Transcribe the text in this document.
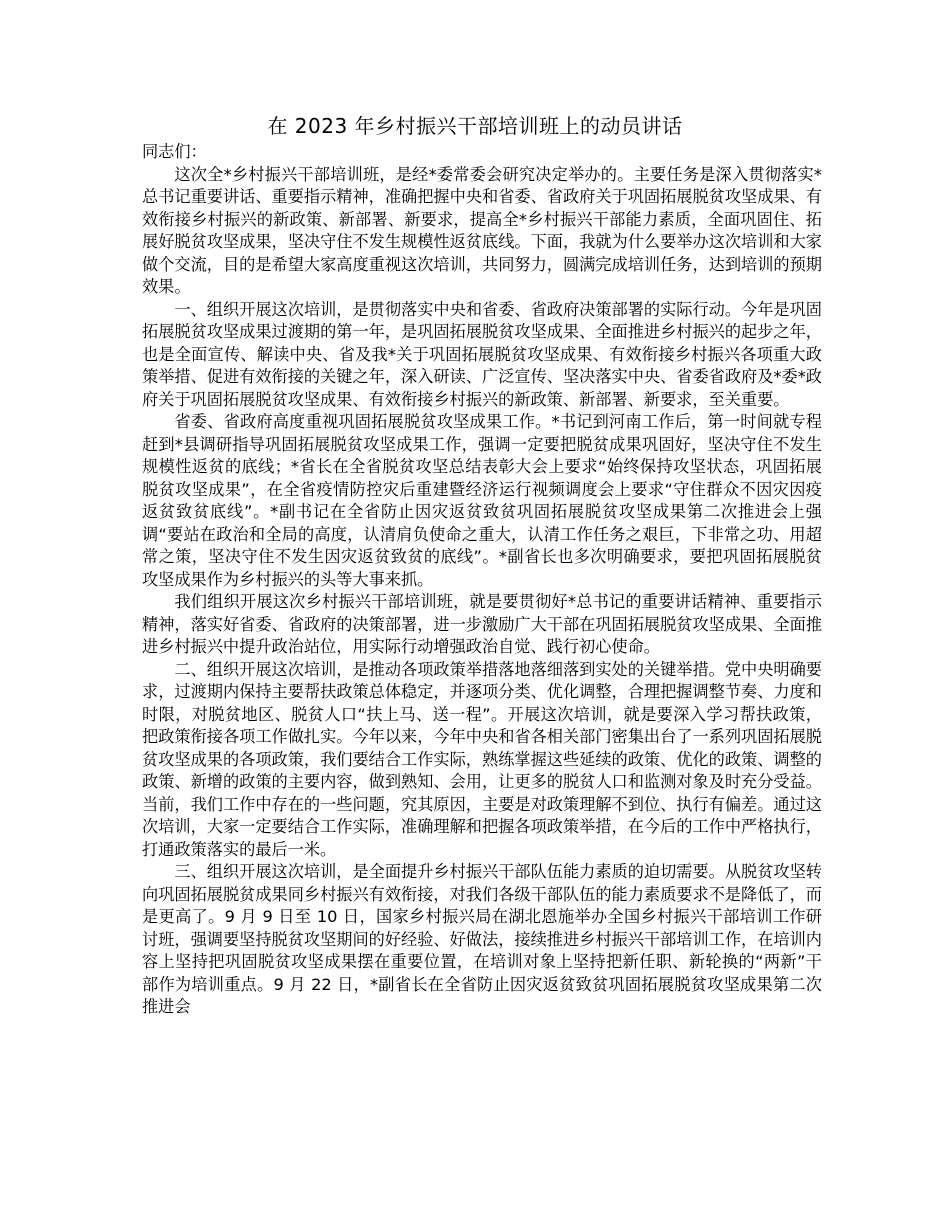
在 2023 年乡村振兴干部培训班上的动员讲话

同志们：

这次全*乡村振兴干部培训班，是经*委常委会研究决定举办的。主要任务是深入贯彻落实*总书记重要讲话、重要指示精神，准确把握中央和省委、省政府关于巩固拓展脱贫攻坚成果、有效衔接乡村振兴的新政策、新部署、新要求，提高全*乡村振兴干部能力素质，全面巩固住、拓展好脱贫攻坚成果，坚决守住不发生规模性返贫底线。下面，我就为什么要举办这次培训和大家做个交流，目的是希望大家高度重视这次培训，共同努力，圆满完成培训任务，达到培训的预期效果。

一、组织开展这次培训，是贯彻落实中央和省委、省政府决策部署的实际行动。今年是巩固拓展脱贫攻坚成果过渡期的第一年，是巩固拓展脱贫攻坚成果、全面推进乡村振兴的起步之年，也是全面宣传、解读中央、省及我*关于巩固拓展脱贫攻坚成果、有效衔接乡村振兴各项重大政策举措、促进有效衔接的关键之年，深入研读、广泛宣传、坚决落实中央、省委省政府及*委*政府关于巩固拓展脱贫攻坚成果、有效衔接乡村振兴的新政策、新部署、新要求，至关重要。

省委、省政府高度重视巩固拓展脱贫攻坚成果工作。*书记到河南工作后，第一时间就专程赶到*县调研指导巩固拓展脱贫攻坚成果工作，强调一定要把脱贫成果巩固好，坚决守住不发生规模性返贫的底线；*省长在全省脱贫攻坚总结表彰大会上要求“始终保持攻坚状态，巩固拓展脱贫攻坚成果”，在全省疫情防控灾后重建暨经济运行视频调度会上要求“守住群众不因灾因疫返贫致贫底线”。*副书记在全省防止因灾返贫致贫巩固拓展脱贫攻坚成果第二次推进会上强调“要站在政治和全局的高度，认清肩负使命之重大，认清工作任务之艰巨，下非常之功、用超常之策，坚决守住不发生因灾返贫致贫的底线”。*副省长也多次明确要求，要把巩固拓展脱贫攻坚成果作为乡村振兴的头等大事来抓。

我们组织开展这次乡村振兴干部培训班，就是要贯彻好*总书记的重要讲话精神、重要指示精神，落实好省委、省政府的决策部署，进一步激励广大干部在巩固拓展脱贫攻坚成果、全面推进乡村振兴中提升政治站位，用实际行动增强政治自觉、践行初心使命。

二、组织开展这次培训，是推动各项政策举措落地落细落到实处的关键举措。党中央明确要求，过渡期内保持主要帮扶政策总体稳定，并逐项分类、优化调整，合理把握调整节奏、力度和时限，对脱贫地区、脱贫人口“扶上马、送一程”。开展这次培训，就是要深入学习帮扶政策，把政策衔接各项工作做扎实。今年以来，今年中央和省各相关部门密集出台了一系列巩固拓展脱贫攻坚成果的各项政策，我们要结合工作实际，熟练掌握这些延续的政策、优化的政策、调整的政策、新增的政策的主要内容，做到熟知、会用，让更多的脱贫人口和监测对象及时充分受益。当前，我们工作中存在的一些问题，究其原因，主要是对政策理解不到位、执行有偏差。通过这次培训，大家一定要结合工作实际，准确理解和把握各项政策举措，在今后的工作中严格执行，打通政策落实的最后一米。

三、组织开展这次培训，是全面提升乡村振兴干部队伍能力素质的迫切需要。从脱贫攻坚转向巩固拓展脱贫成果同乡村振兴有效衔接，对我们各级干部队伍的能力素质要求不是降低了，而是更高了。9 月 9 日至 10 日，国家乡村振兴局在湖北恩施举办全国乡村振兴干部培训工作研讨班，强调要坚持脱贫攻坚期间的好经验、好做法，接续推进乡村振兴干部培训工作，在培训内容上坚持把巩固脱贫攻坚成果摆在重要位置，在培训对象上坚持把新任职、新轮换的“两新”干部作为培训重点。9 月 22 日，*副省长在全省防止因灾返贫致贫巩固拓展脱贫攻坚成果第二次推进会
